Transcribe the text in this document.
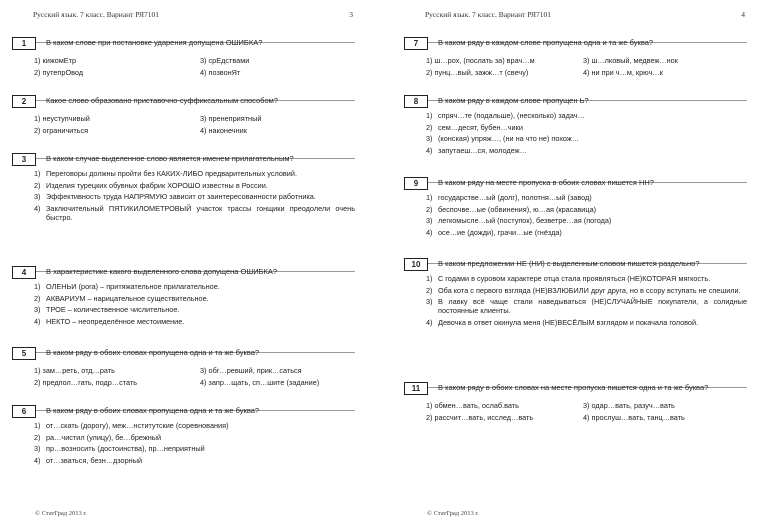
Русский язык. 7 класс. Вариант РЯ7101	3
1	В каком слове при постановке ударения допущена ОШИБКА?
1) кижомЕтр
2) путепрОвод
3) срЕдствами
4) позвонЯт
2	Какое слово образовано приставочно-суффиксальным способом?
1) неуступчивый
2) ограничиться
3) пренеприятный
4) наконечник
3	В каком случае выделенное слово является именем прилагательным?
1) Переговоры должны пройти без КАКИХ-ЛИБО предварительных условий.
2) Изделия турецких обувных фабрик ХОРОШО известны в России.
3) Эффективность труда НАПРЯМУЮ зависит от заинтересованности работника.
4) Заключительный ПЯТИКИЛОМЕТРОВЫЙ участок трассы гонщики преодолели очень быстро.
4	В характеристике какого выделенного слова допущена ОШИБКА?
1) ОЛЕНЬИ (рога) – притяжательное прилагательное.
2) АКВАРИУМ – нарицательное существительное.
3) ТРОЕ – количественное числительное.
4) НЕКТО – неопределённое местоимение.
5	В каком ряду в обоих словах пропущена одна и та же буква?
1) зам…реть, отд…рать
2) предпол…гать, подр…стать
3) обг…ревший, прик…саться
4) запр…щать, сп…шите (задание)
6	В каком ряду в обоих словах пропущена одна и та же буква?
1) от…скать (дорогу), меж…нститутские (соревнования)
2) ра…чистил (улицу), бе…брежный
3) пр…возносить (достоинства), пр…неприятный
4) от…зваться, безн…дзорный
© СтатГрад 2013 г.
Русский язык. 7 класс. Вариант РЯ7101	4
7	В каком ряду в каждом слове пропущена одна и та же буква?
1) ш…рох, (послать за) врач…м
2) пунц…вый, зажж…т (свечу)
3) ш…лковый, медвеж…нок
4) ни при ч…м, крюч…к
8	В каком ряду в каждом слове пропущен Ь?
1) спряч…те (подальше), (несколько) задач…
2) сем…десят, бубен…чики
3) (конская) упряж…, (ни на что не) похож…
4) запутаеш…ся, молодеж…
9	В каком ряду на месте пропуска в обоих словах пишется НН?
1) государстве…ый (долг), полотня…ый (завод)
2) беспочве…ые (обвинения), ю…ая (красавица)
3) легкомысле…ый (поступок), безветре…ая (погода)
4) осе…ие (дожди), грачи…ые (гнёзда)
10	В каком предложении НЕ (НИ) с выделенным словом пишется раздельно?
1) С годами в суровом характере отца стала проявляться (НЕ)КОТОРАЯ мягкость.
2) Оба кота с первого взгляда (НЕ)ВЗЛЮБИЛИ друг друга, но в ссору вступать не спешили.
3) В лавку всё чаще стали наведываться (НЕ)СЛУЧАЙНЫЕ покупатели, а солидные постоянные клиенты.
4) Девочка в ответ окинула меня (НЕ)ВЕСЁЛЫМ взглядом и покачала головой.
11	В каком ряду в обоих словах на месте пропуска пишется одна и та же буква?
1) обмен…вать, ослаб.вать
2) рассчит…вать, исслед…вать
3) одар…вать, разуч…вать
4) прослуш…вать, танц…вать
© СтатГрад 2013 г.
